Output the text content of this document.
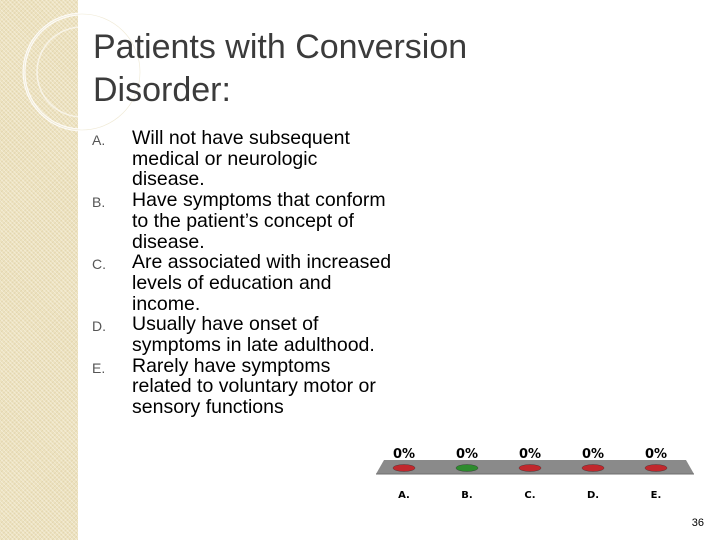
Patients with Conversion Disorder:
A. Will not have subsequent medical or neurologic disease.
B. Have symptoms that conform to the patient’s concept of disease.
C. Are associated with increased levels of education and income.
D. Usually have onset of symptoms in late adulthood.
E. Rarely have symptoms related to voluntary motor or sensory functions
0%
A.
0%
B.
0%
C.
0%
D.
0%
E.
36
